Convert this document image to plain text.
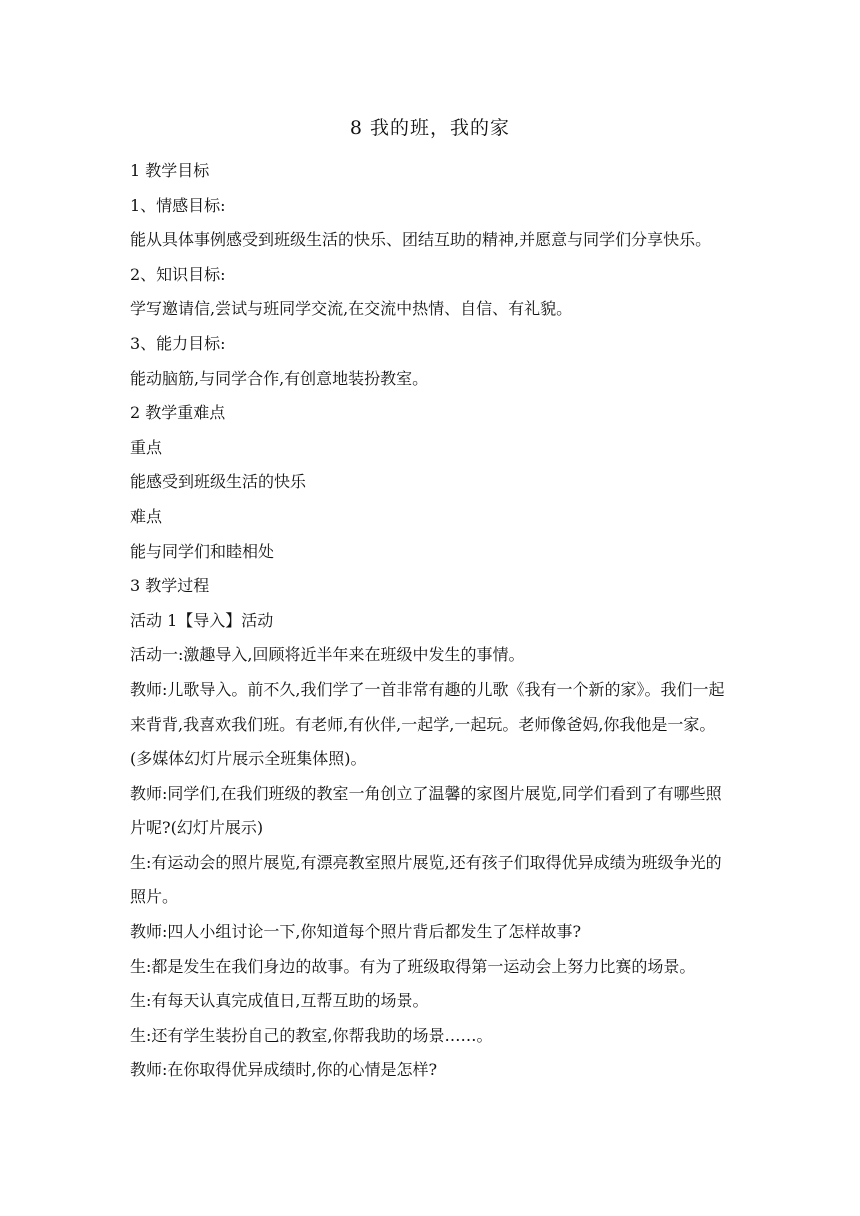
8 我的班，我的家

1 教学目标

1、情感目标:

能从具体事例感受到班级生活的快乐、团结互助的精神,并愿意与同学们分享快乐。

2、知识目标:

学写邀请信,尝试与班同学交流,在交流中热情、自信、有礼貌。

3、能力目标:

能动脑筋,与同学合作,有创意地装扮教室。

2 教学重难点

重点

能感受到班级生活的快乐

难点

能与同学们和睦相处

3 教学过程

活动 1【导入】活动

活动一:激趣导入,回顾将近半年来在班级中发生的事情。

教师:儿歌导入。前不久,我们学了一首非常有趣的儿歌《我有一个新的家》。我们一起来背背,我喜欢我们班。有老师,有伙伴,一起学,一起玩。老师像爸妈,你我他是一家。(多媒体幻灯片展示全班集体照)。

教师:同学们,在我们班级的教室一角创立了温馨的家图片展览,同学们看到了有哪些照片呢?(幻灯片展示)

生:有运动会的照片展览,有漂亮教室照片展览,还有孩子们取得优异成绩为班级争光的照片。

教师:四人小组讨论一下,你知道每个照片背后都发生了怎样故事?

生:都是发生在我们身边的故事。有为了班级取得第一运动会上努力比赛的场景。

生:有每天认真完成值日,互帮互助的场景。

生:还有学生装扮自己的教室,你帮我助的场景……。

教师:在你取得优异成绩时,你的心情是怎样?
